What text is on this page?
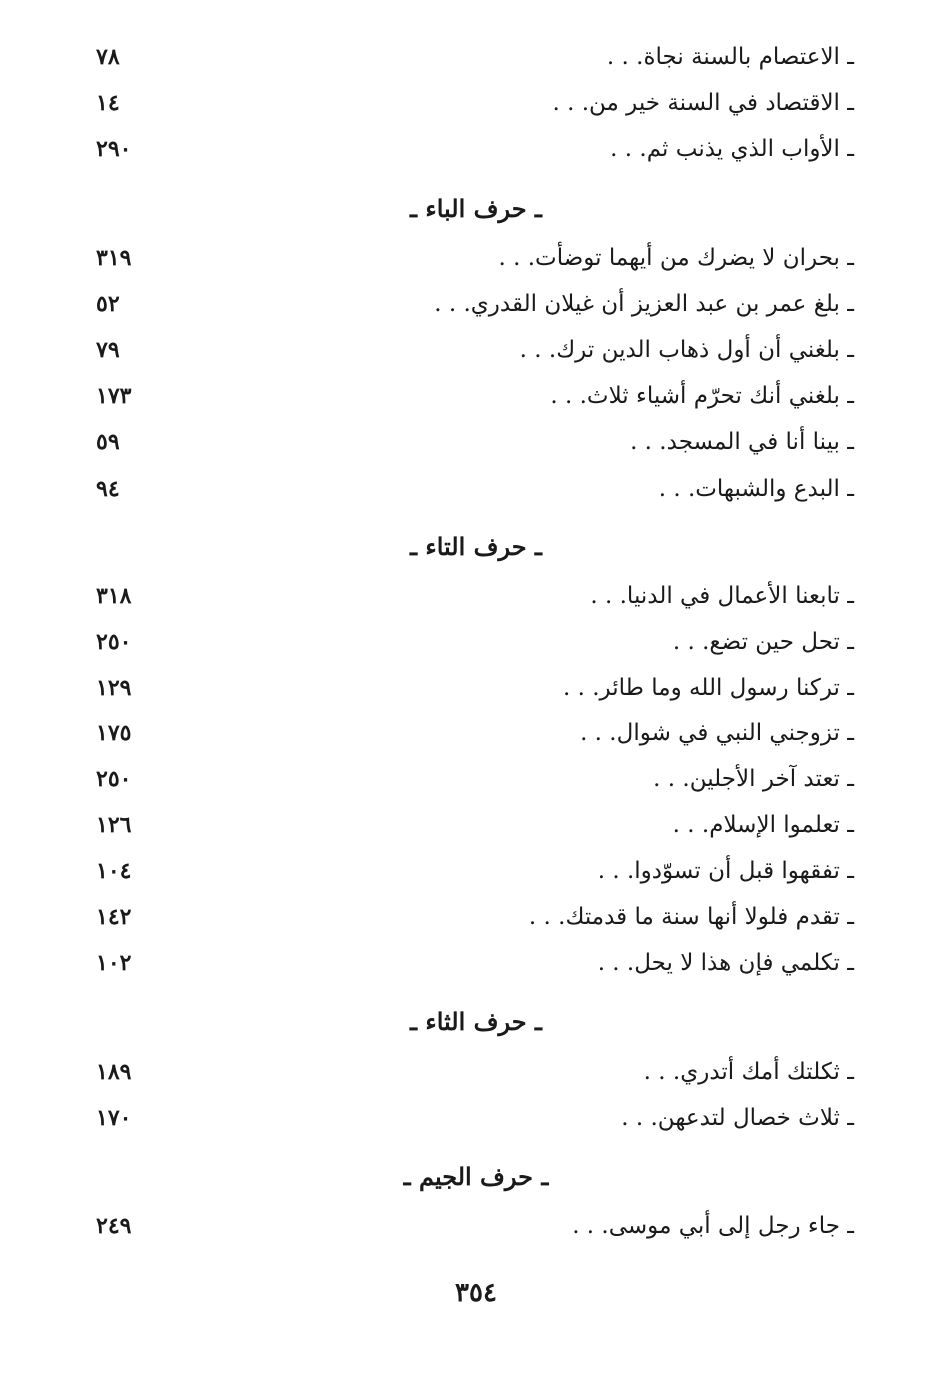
ـ الاعتصام بالسنة نجاة. . .
٧٨
ـ الاقتصاد في السنة خير من. . .
١٤
ـ الأواب الذي يذنب ثم. . .
٢٩٠
ـ حرف الباء ـ
ـ بحران لا يضرك من أيهما توضأت. . .
٣١٩
ـ بلغ عمر بن عبد العزيز أن غيلان القدري. . .
٥٢
ـ بلغني أن أول ذهاب الدين ترك. . .
٧٩
ـ بلغني أنك تحرّم أشياء ثلاث. . .
١٧٣
ـ بينا أنا في المسجد. . .
٥٩
ـ البدع والشبهات. . .
٩٤
ـ حرف التاء ـ
ـ تابعنا الأعمال في الدنيا. . .
٣١٨
ـ تحل حين تضع. . .
٢٥٠
ـ تركنا رسول الله وما طائر. . .
١٢٩
ـ تزوجني النبي في شوال. . .
١٧٥
ـ تعتد آخر الأجلين. . .
٢٥٠
ـ تعلموا الإسلام. . .
١٢٦
ـ تفقهوا قبل أن تسوّدوا. . .
١٠٤
ـ تقدم فلولا أنها سنة ما قدمتك. . .
١٤٢
ـ تكلمي فإن هذا لا يحل. . .
١٠٢
ـ حرف الثاء ـ
ـ ثكلتك أمك أتدري. . .
١٨٩
ـ ثلاث خصال لتدعهن. . .
١٧٠
ـ حرف الجيم ـ
ـ جاء رجل إلى أبي موسى. . .
٢٤٩
٣٥٤
